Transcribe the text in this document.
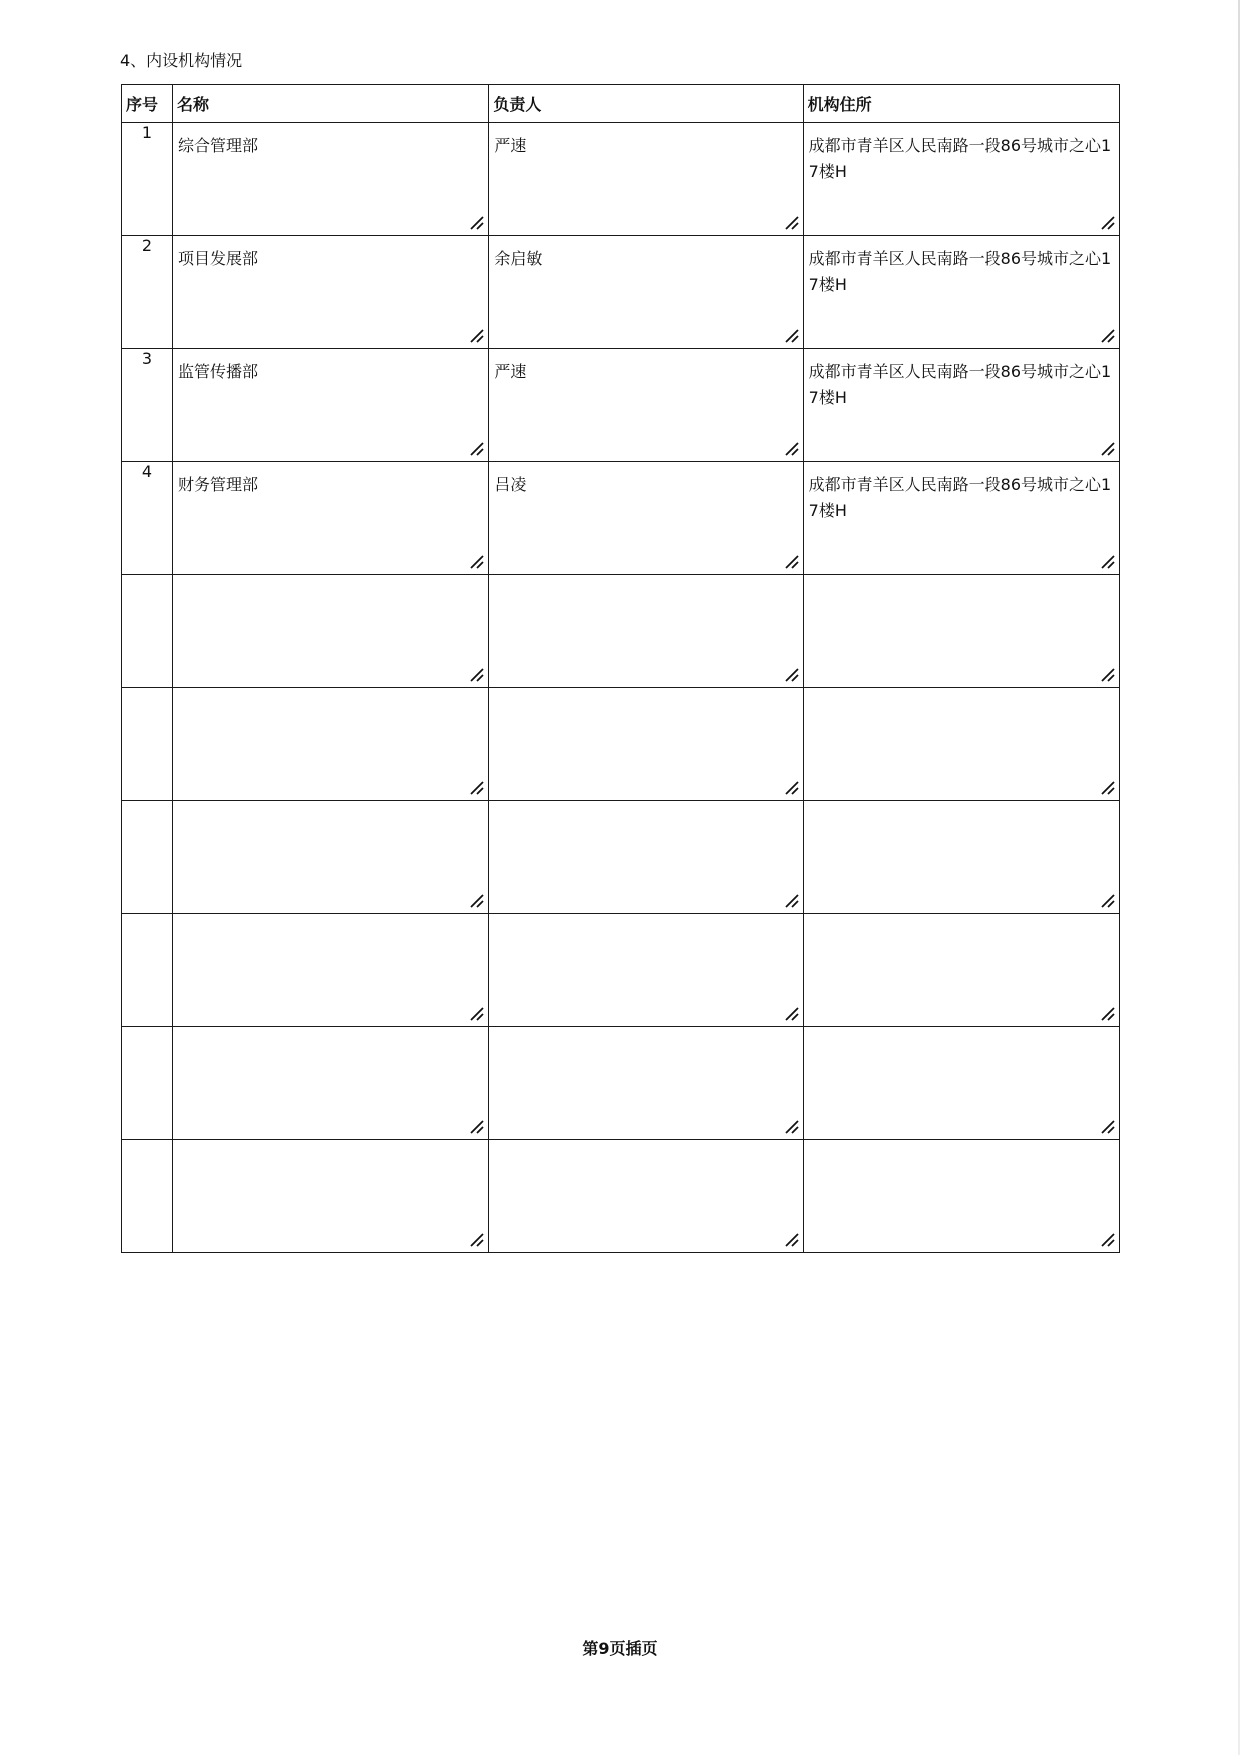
4、内设机构情况
序号	名称	负责人	机构住所
1	综合管理部	严速	成都市青羊区人民南路一段86号城市之心17楼H

2	项目发展部	余启敏	成都市青羊区人民南路一段86号城市之心17楼H

3	监管传播部	严速	成都市青羊区人民南路一段86号城市之心17楼H

4	财务管理部	吕凌	成都市青羊区人民南路一段86号城市之心17楼H

第9页插页
